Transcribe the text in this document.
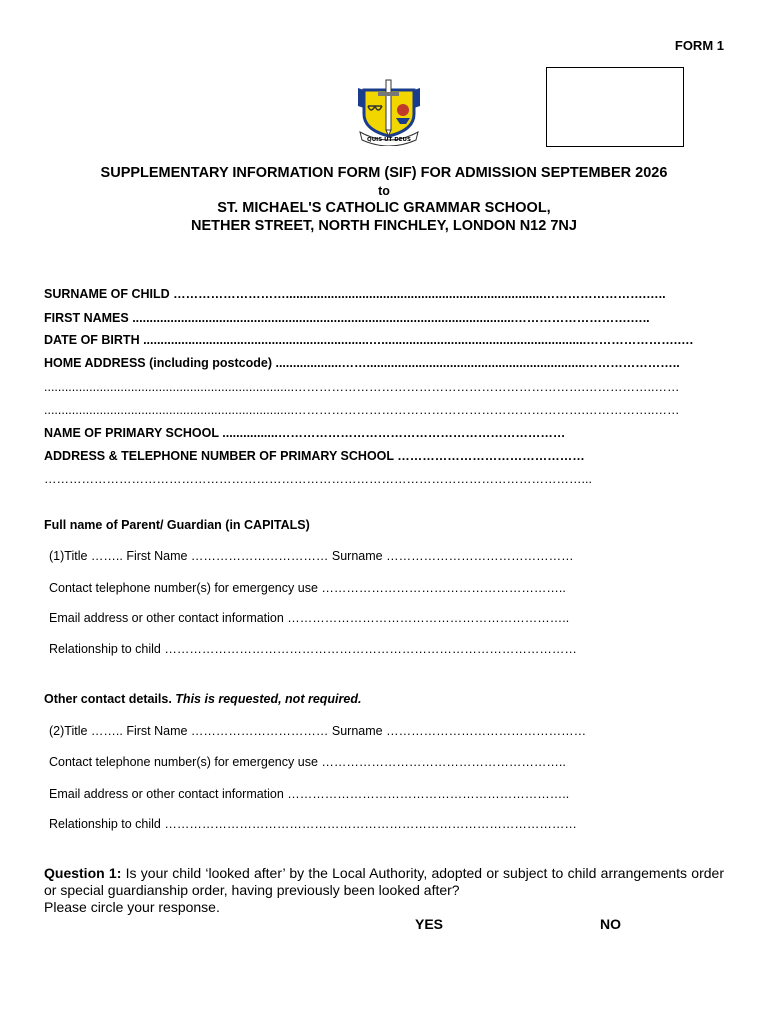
FORM 1
QUIS UT DEUS
SUPPLEMENTARY INFORMATION FORM (SIF) FOR ADMISSION SEPTEMBER 2026
to
ST. MICHAEL'S CATHOLIC GRAMMAR SCHOOL,
NETHER STREET, NORTH FINCHLEY, LONDON N12 7NJ
SURNAME OF CHILD ………………………..........................................................................…………………….…..
FIRST NAMES ..............................................................................................................……………………….…..
DATE OF BIRTH .................................................................…...........................................................………………….….
HOME ADDRESS (including postcode) ...................……...............................................................…………………..
........................................................................…………………………………………………………….……………..……
........................................................................…………………………………………………………….……………..……
NAME OF PRIMARY SCHOOL ................……………………………………………………………
ADDRESS & TELEPHONE NUMBER OF PRIMARY SCHOOL ………………………………………
…………………………………………………………………………………………………………………...
Full name of Parent/ Guardian (in CAPITALS)
(1)Title …….. First Name …………………………… Surname ………………………………………
Contact telephone number(s) for emergency use …………………………………………………..
Email address or other contact information …………………………………………………………..
Relationship to child ………………………………………………………………………………………
Other contact details. This is requested, not required.
(2)Title …….. First Name …………………………… Surname …………………………………………
Contact telephone number(s) for emergency use …………………………………………………..
Email address or other contact information …………………………………………………………..
Relationship to child ………………………………………………………………………………………

Question 1: Is your child ‘looked after’ by the Local Authority, adopted or subject to child arrangements order or special guardianship order, having previously been looked after?

Please circle your response.

YES	NO
